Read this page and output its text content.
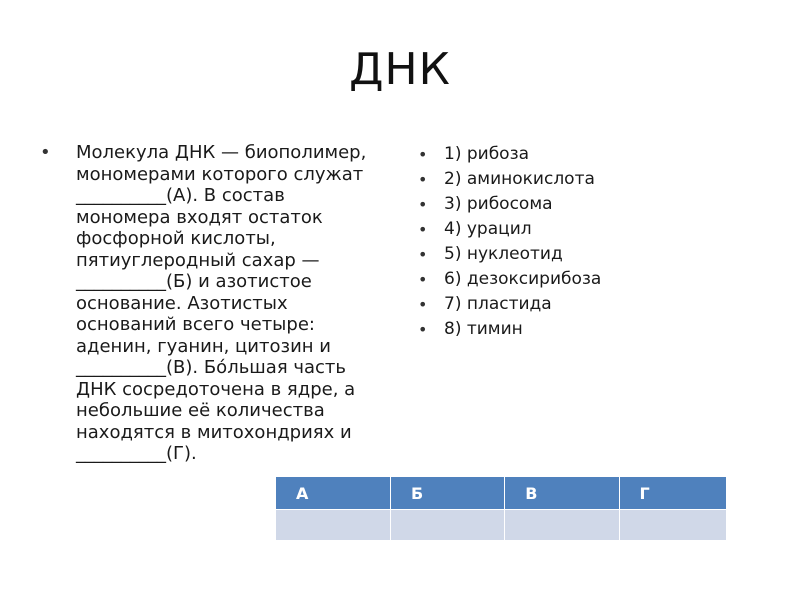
ДНК
•	Молекула ДНК — биополимер,
мономерами которого служат
__________(А). В состав
мономера входят остаток
фосфорной кислоты,
пятиуглеродный сахар —
__________(Б) и азотистое
основание. Азотистых
оснований всего четыре:
аденин, гуанин, цитозин и
__________(В). Бóльшая часть
ДНК сосредоточена в ядре, а
небольшие её количества
находятся в митохондриях и
__________(Г).
• 1) рибоза
• 2) аминокислота
• 3) рибосома
• 4) урацил
• 5) нуклеотид
• 6) дезоксирибоза
• 7) пластида
• 8) тимин
А	Б	В	Г
